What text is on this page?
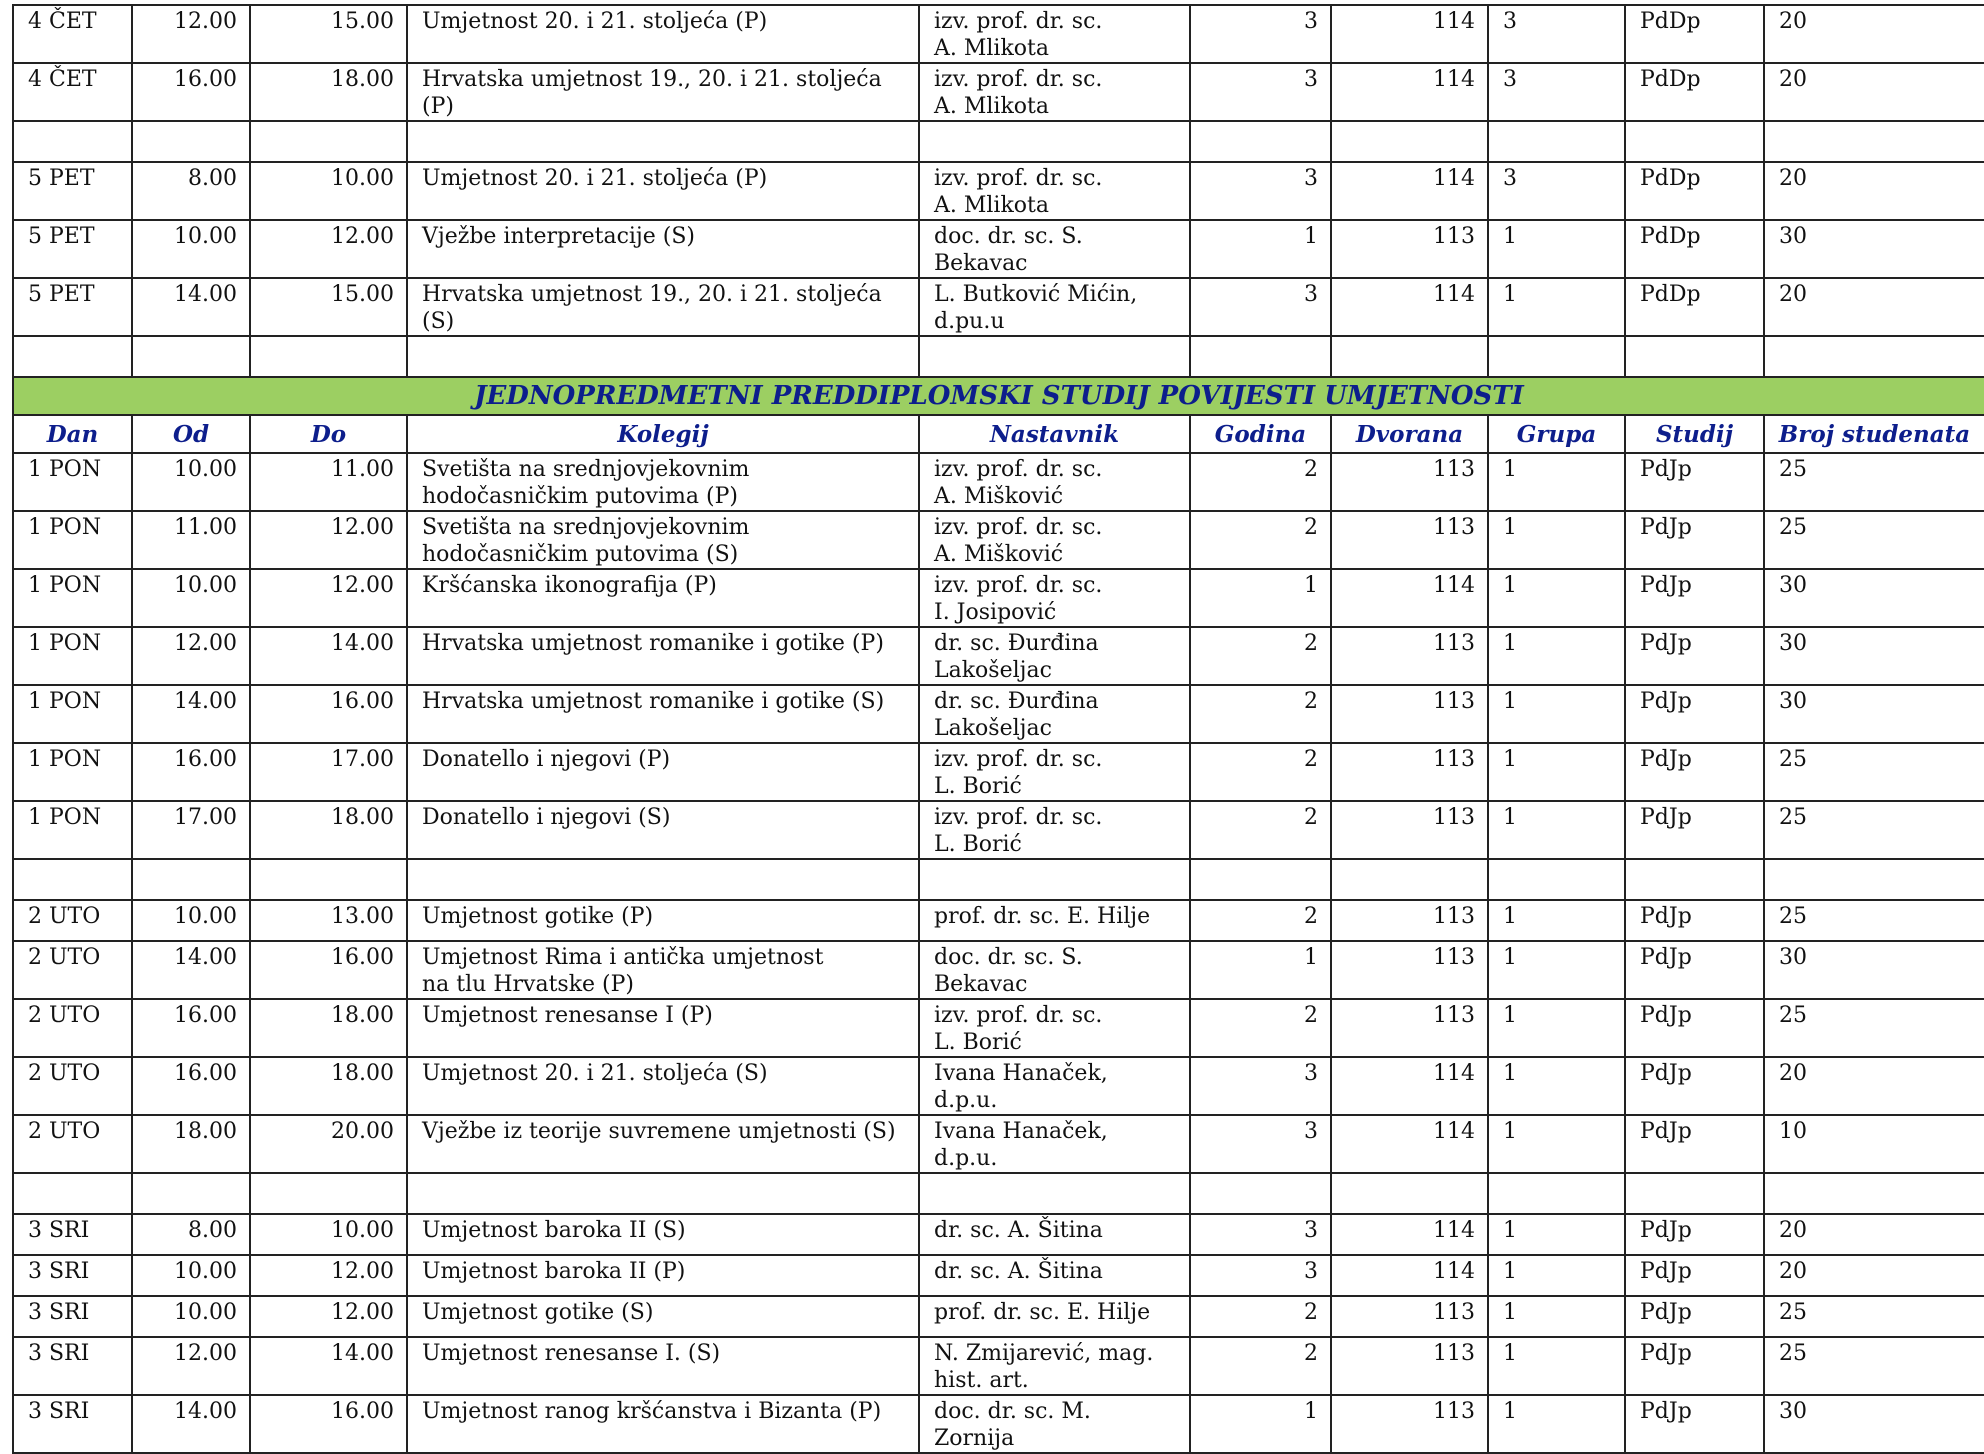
4 ČET	12.00	15.00	Umjetnost 20. i 21. stoljeća (P)	izv. prof. dr. sc.
A. Mlikota	3	114	3	PdDp	20
4 ČET	16.00	18.00	Hrvatska umjetnost 19., 20. i 21. stoljeća (P)	izv. prof. dr. sc.
A. Mlikota	3	114	3	PdDp	20

5 PET	8.00	10.00	Umjetnost 20. i 21. stoljeća (P)	izv. prof. dr. sc.
A. Mlikota	3	114	3	PdDp	20
5 PET	10.00	12.00	Vježbe interpretacije (S)	doc. dr. sc. S. Bekavac	1	113	1	PdDp	30
5 PET	14.00	15.00	Hrvatska umjetnost 19., 20. i 21. stoljeća (S)	L. Butković Mićin,
d.pu.u	3	114	1	PdDp	20

JEDNOPREDMETNI PREDDIPLOMSKI STUDIJ POVIJESTI UMJETNOSTI									
Dan	Od	Do	Kolegij	Nastavnik	Godina	Dvorana	Grupa	Studij	Broj studenata
1 PON	10.00	11.00	Svetišta na srednjovjekovnim
hodočasničkim putovima (P)	izv. prof. dr. sc.
A. Mišković	2	113	1	PdJp	25
1 PON	11.00	12.00	Svetišta na srednjovjekovnim
hodočasničkim putovima (S)	izv. prof. dr. sc.
A. Mišković	2	113	1	PdJp	25
1 PON	10.00	12.00	Kršćanska ikonografija (P)	izv. prof. dr. sc.
I. Josipović	1	114	1	PdJp	30
1 PON	12.00	14.00	Hrvatska umjetnost romanike i gotike (P)	dr. sc. Đurđina
Lakošeljac	2	113	1	PdJp	30
1 PON	14.00	16.00	Hrvatska umjetnost romanike i gotike (S)	dr. sc. Đurđina
Lakošeljac	2	113	1	PdJp	30
1 PON	16.00	17.00	Donatello i njegovi (P)	izv. prof. dr. sc.
L. Borić	2	113	1	PdJp	25
1 PON	17.00	18.00	Donatello i njegovi (S)	izv. prof. dr. sc.
L. Borić	2	113	1	PdJp	25

2 UTO	10.00	13.00	Umjetnost gotike (P)	prof. dr. sc. E. Hilje	2	113	1	PdJp	25
2 UTO	14.00	16.00	Umjetnost Rima i antička umjetnost
na tlu Hrvatske (P)	doc. dr. sc. S. Bekavac	1	113	1	PdJp	30
2 UTO	16.00	18.00	Umjetnost renesanse I (P)	izv. prof. dr. sc.
L. Borić	2	113	1	PdJp	25
2 UTO	16.00	18.00	Umjetnost 20. i 21. stoljeća (S)	Ivana Hanaček, d.p.u.	3	114	1	PdJp	20
2 UTO	18.00	20.00	Vježbe iz teorije suvremene umjetnosti (S)	Ivana Hanaček, d.p.u.	3	114	1	PdJp	10

3 SRI	8.00	10.00	Umjetnost baroka II (S)	dr. sc. A. Šitina	3	114	1	PdJp	20
3 SRI	10.00	12.00	Umjetnost baroka II (P)	dr. sc. A. Šitina	3	114	1	PdJp	20
3 SRI	10.00	12.00	Umjetnost gotike (S)	prof. dr. sc. E. Hilje	2	113	1	PdJp	25
3 SRI	12.00	14.00	Umjetnost renesanse I. (S)	N. Zmijarević, mag.
hist. art.	2	113	1	PdJp	25
3 SRI	14.00	16.00	Umjetnost ranog kršćanstva i Bizanta (P)	doc. dr. sc. M. Zornija	1	113	1	PdJp	30
